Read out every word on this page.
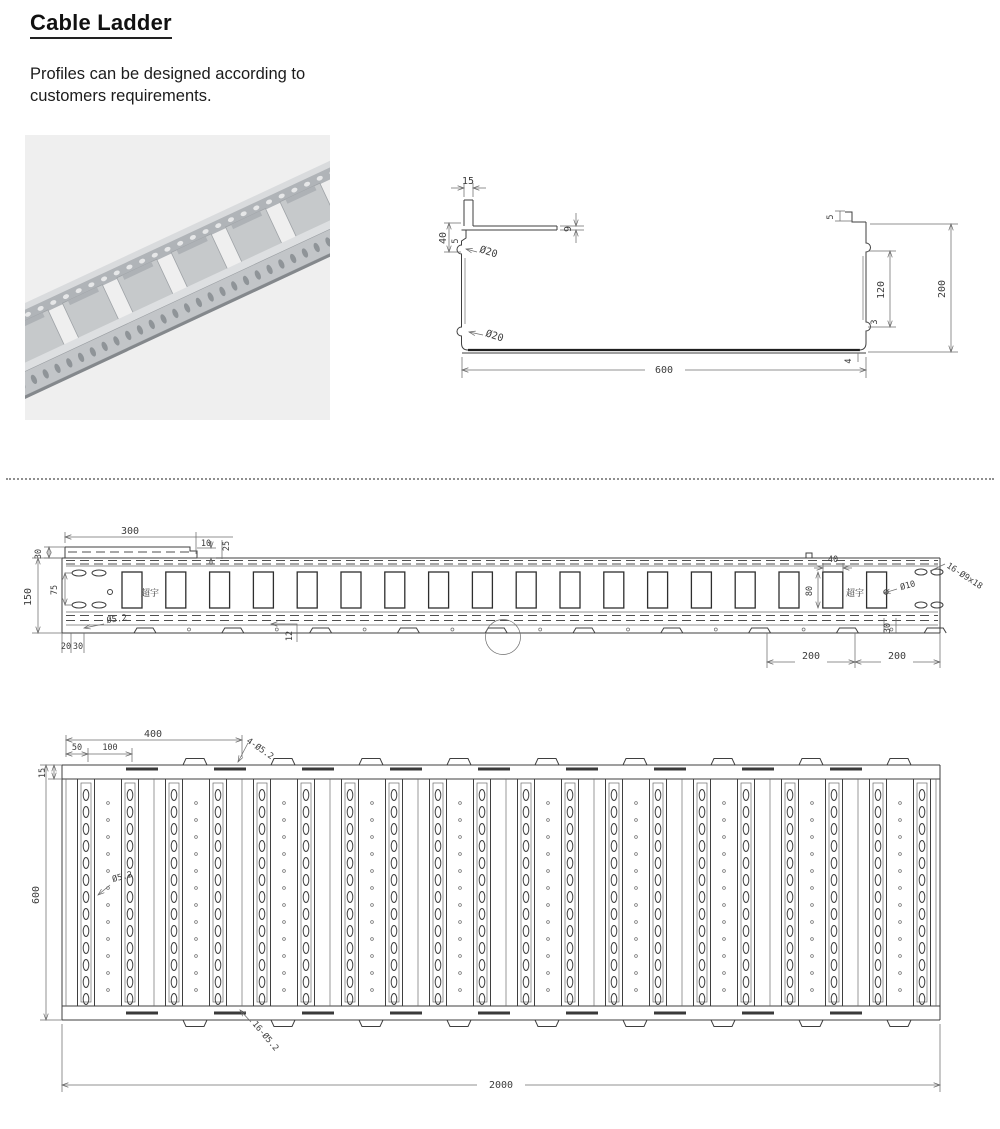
Cable Ladder
Profiles can be designed according to customers requirements.
15
9
40 5
Ø20
Ø20
5
120
3
200
600
4
300
30
10 25
150 75
20 30
Ø5.2
12
超宇	超宇
40
80	Ø10	16-Ø9x18
30
200	200
400
50 100	4-Ø5.2
15
600
Ø5.2
16-Ø5.2
2000
